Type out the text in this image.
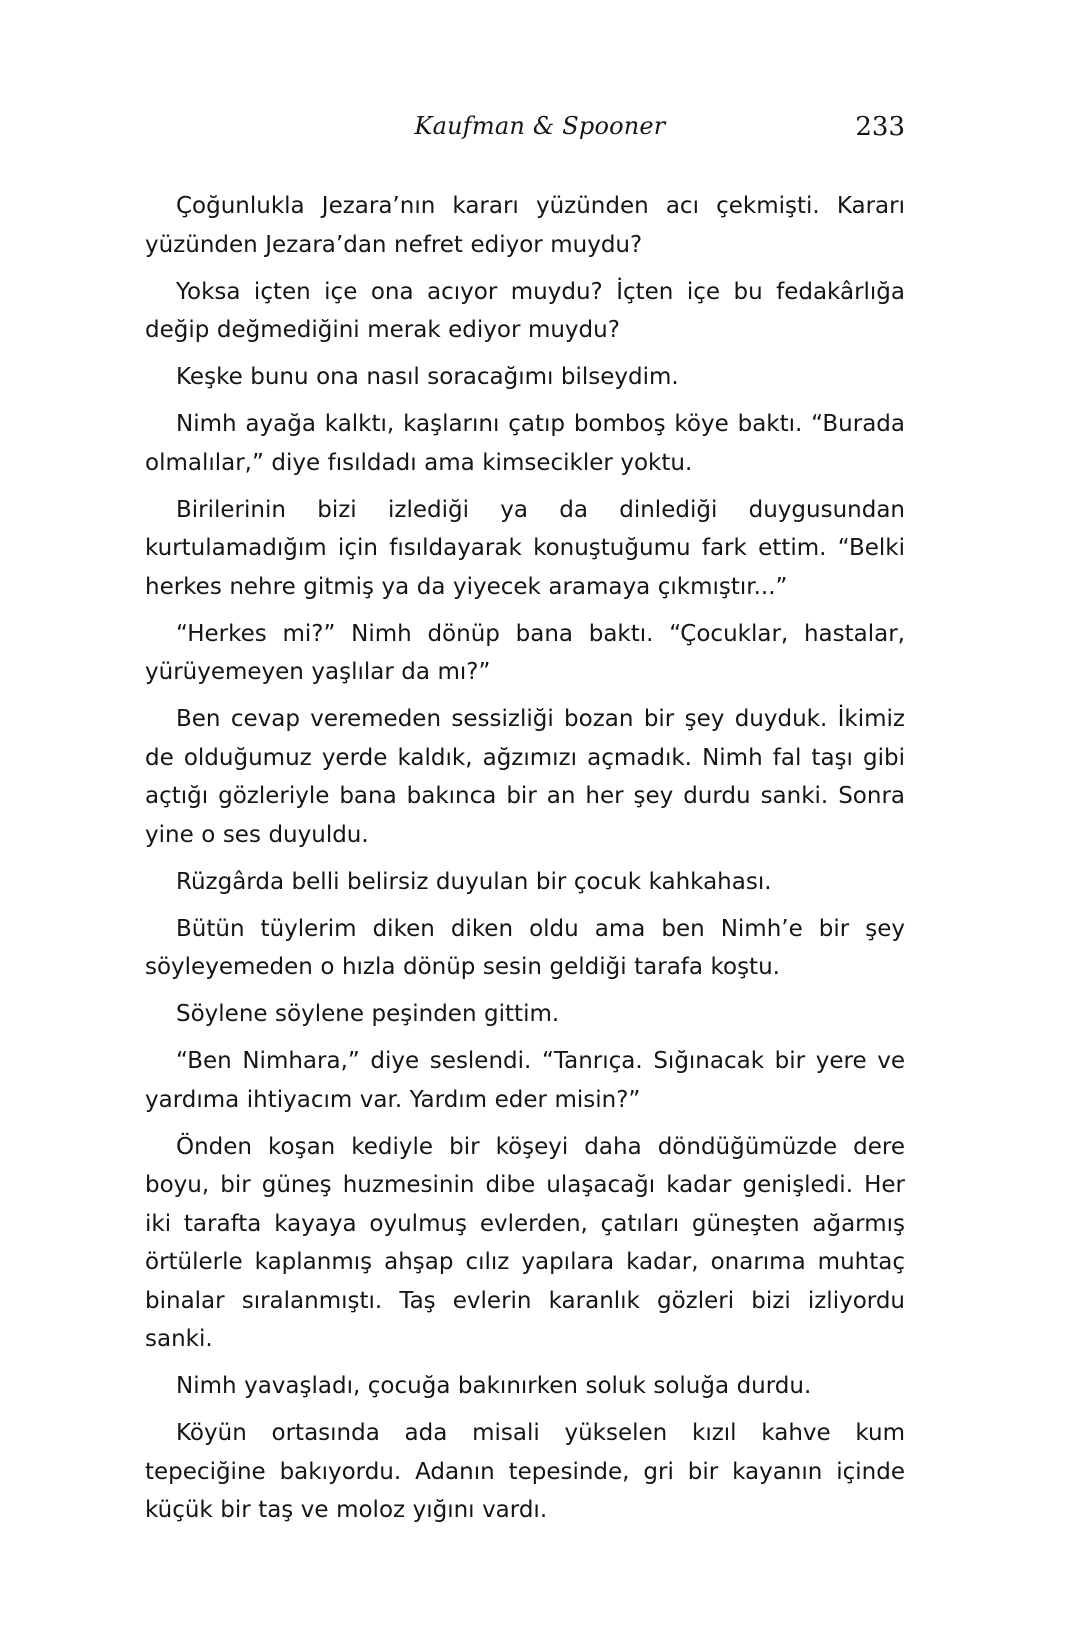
Kaufman & Spooner	233

Çoğunlukla Jezara’nın kararı yüzünden acı çekmişti. Kararı yüzünden Jezara’dan nefret ediyor muydu?

Yoksa içten içe ona acıyor muydu? İçten içe bu fedakârlığa değip değmediğini merak ediyor muydu?

Keşke bunu ona nasıl soracağımı bilseydim.

Nimh ayağa kalktı, kaşlarını çatıp bomboş köye baktı. “Burada olmalılar,” diye fısıldadı ama kimsecikler yoktu.

Birilerinin bizi izlediği ya da dinlediği duygusundan kurtulamadığım için fısıldayarak konuştuğumu fark ettim. “Belki herkes nehre gitmiş ya da yiyecek aramaya çıkmıştır...”

“Herkes mi?” Nimh dönüp bana baktı. “Çocuklar, hastalar, yürüyemeyen yaşlılar da mı?”

Ben cevap veremeden sessizliği bozan bir şey duyduk. İkimiz de olduğumuz yerde kaldık, ağzımızı açmadık. Nimh fal taşı gibi açtığı gözleriyle bana bakınca bir an her şey durdu sanki. Sonra yine o ses duyuldu.

Rüzgârda belli belirsiz duyulan bir çocuk kahkahası.

Bütün tüylerim diken diken oldu ama ben Nimh’e bir şey söyleyemeden o hızla dönüp sesin geldiği tarafa koştu.

Söylene söylene peşinden gittim.

“Ben Nimhara,” diye seslendi. “Tanrıça. Sığınacak bir yere ve yardıma ihtiyacım var. Yardım eder misin?”

Önden koşan kediyle bir köşeyi daha döndüğümüzde dere boyu, bir güneş huzmesinin dibe ulaşacağı kadar genişledi. Her iki tarafta kayaya oyulmuş evlerden, çatıları güneşten ağarmış örtülerle kaplanmış ahşap cılız yapılara kadar, onarıma muhtaç binalar sıralanmıştı. Taş evlerin karanlık gözleri bizi izliyordu sanki.

Nimh yavaşladı, çocuğa bakınırken soluk soluğa durdu.

Köyün ortasında ada misali yükselen kızıl kahve kum tepeciğine bakıyordu. Adanın tepesinde, gri bir kayanın içinde küçük bir taş ve moloz yığını vardı.
